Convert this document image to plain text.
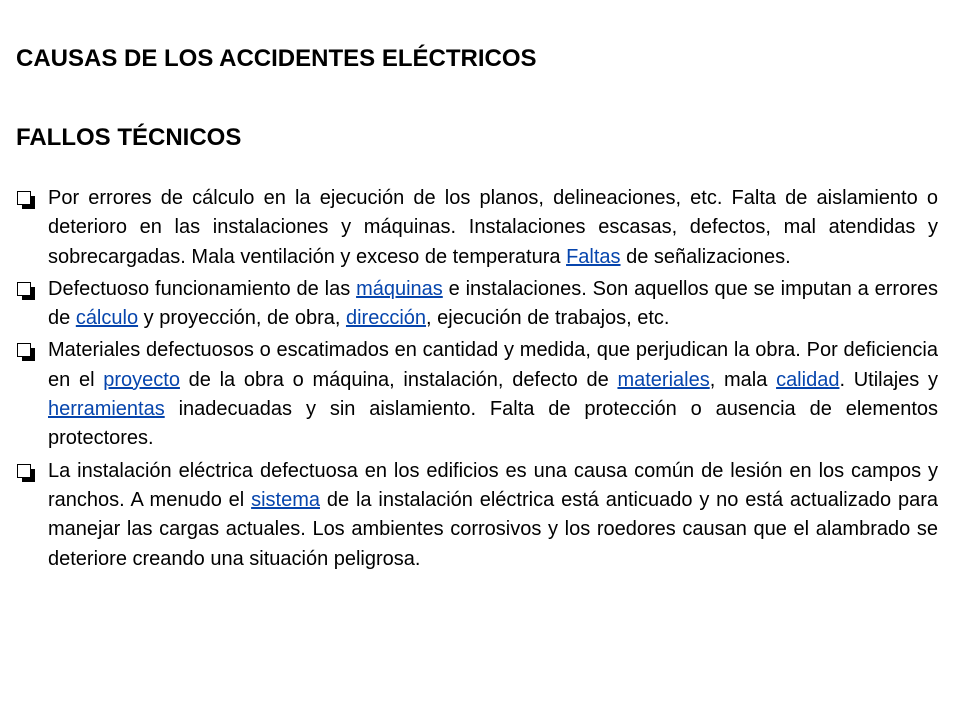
CAUSAS DE LOS ACCIDENTES ELÉCTRICOS
FALLOS TÉCNICOS
Por errores de cálculo en la ejecución de los planos, delineaciones, etc. Falta de aislamiento o deterioro en las instalaciones y máquinas. Instalaciones escasas, defectos, mal atendidas y sobrecargadas. Mala ventilación y exceso de temperatura Faltas de señalizaciones.
Defectuoso funcionamiento de las máquinas e instalaciones. Son aquellos que se imputan a errores de cálculo y proyección, de obra, dirección, ejecución de trabajos, etc.
Materiales defectuosos o escatimados en cantidad y medida, que perjudican la obra. Por deficiencia en el proyecto de la obra o máquina, instalación, defecto de materiales, mala calidad. Utilajes y herramientas inadecuadas y sin aislamiento. Falta de protección o ausencia de elementos protectores.
La instalación eléctrica defectuosa en los edificios es una causa común de lesión en los campos y ranchos. A menudo el sistema de la instalación eléctrica está anticuado y no está actualizado para manejar las cargas actuales. Los ambientes corrosivos y los roedores causan que el alambrado se deteriore creando una situación peligrosa.
